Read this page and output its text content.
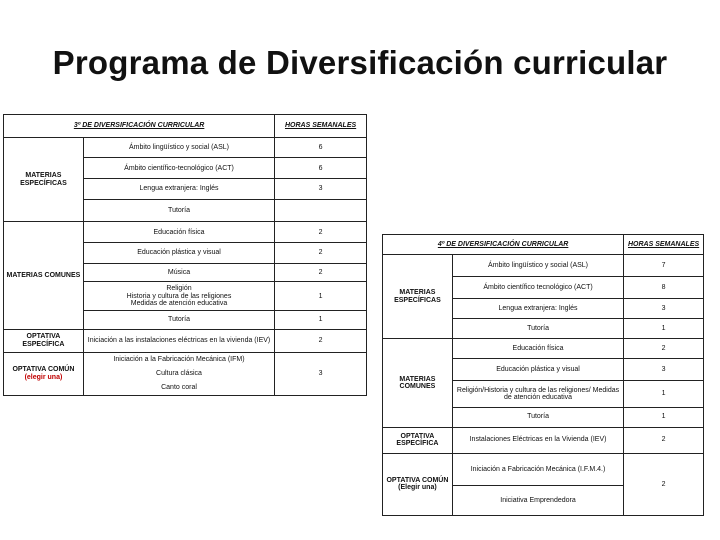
Programa de Diversificación curricular
3º DE DIVERSIFICACIÓN CURRICULAR		HORAS SEMANALES
MATERIAS ESPECÍFICAS	Ámbito lingüístico y social (ASL)	6
	Ámbito científico-tecnológico (ACT)	6
	Lengua extranjera: Inglés	3
	Tutoría	
MATERIAS COMUNES	Educación física	2
	Educación plástica y visual	2
	Música	2
	Religión
Historia y cultura de las religiones
Medidas de atención educativa	1
	Tutoría	1
OPTATIVA ESPECÍFICA	Iniciación a las instalaciones eléctricas en la vivienda (IEV)	2
OPTATIVA COMÚN
(elegir una)	Iniciación a la Fabricación Mecánica (IFM)	3
	Cultura clásica	
	Canto coral	
4º DE DIVERSIFICACIÓN CURRICULAR		HORAS SEMANALES
MATERIAS ESPECÍFICAS	Ámbito lingüístico y social (ASL)	7
	Ámbito científico tecnológico (ACT)	8
	Lengua extranjera: Inglés	3
	Tutoría	1
MATERIAS COMUNES	Educación física	2
	Educación plástica y visual	3
	Religión/Historia y cultura de las religiones/ Medidas de atención educativa	1
	Tutoría	1
OPTATIVA ESPECÍFICA	Instalaciones Eléctricas en la Vivienda (IEV)	2
OPTATIVA COMÚN
(Elegir una)	Iniciación a Fabricación Mecánica (I.F.M.4.)	2
	Iniciativa Emprendedora	
